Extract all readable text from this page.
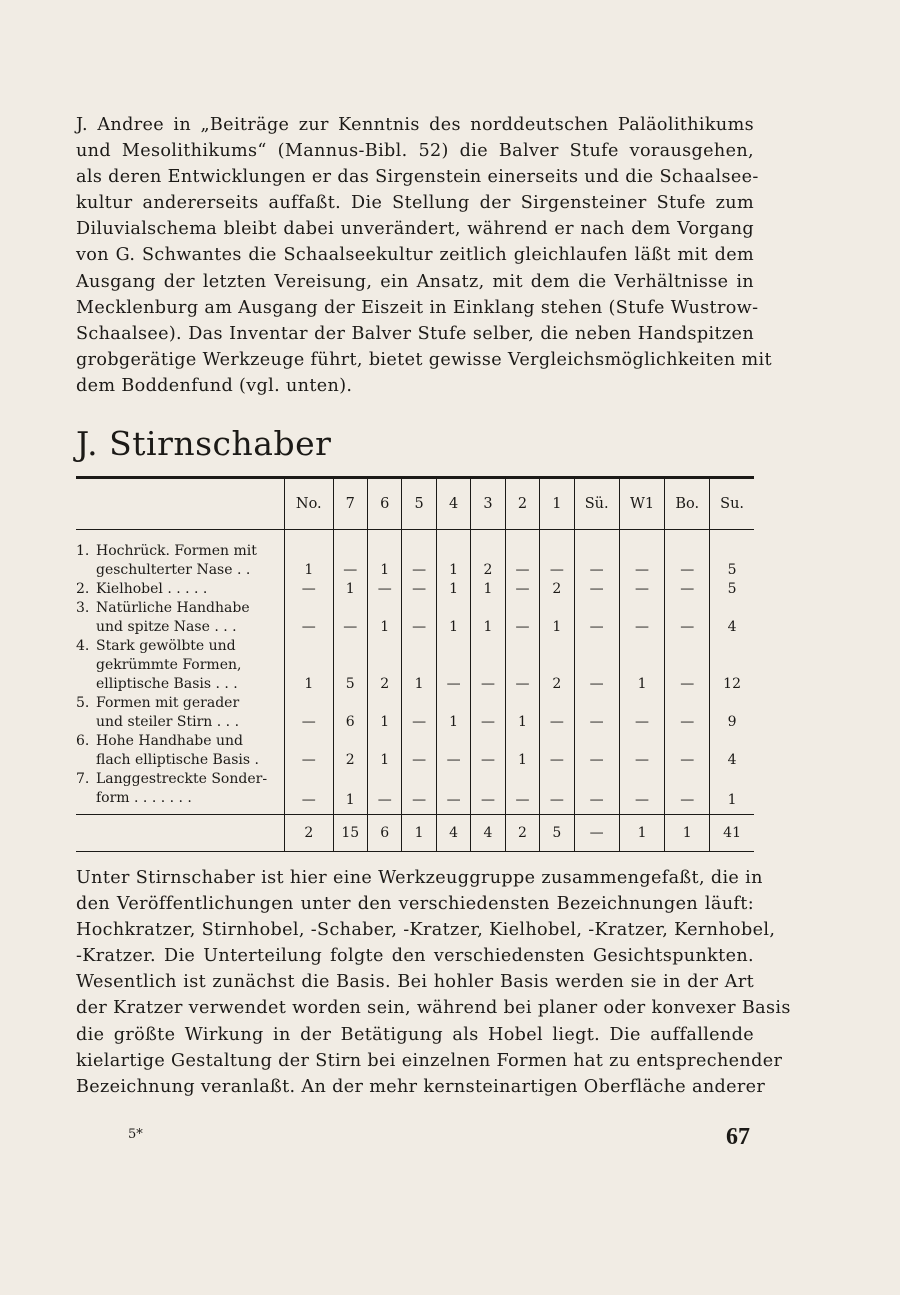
J. Andree in „Beiträge zur Kenntnis des norddeutschen Paläolithikums
und Mesolithikums“ (Mannus-Bibl. 52) die Balver Stufe vorausgehen,
als deren Entwicklungen er das Sirgenstein einerseits und die Schaalsee-
kultur andererseits auffaßt. Die Stellung der Sirgensteiner Stufe zum
Diluvialschema bleibt dabei unverändert, während er nach dem Vorgang
von G. Schwantes die Schaalseekultur zeitlich gleichlaufen läßt mit dem
Ausgang der letzten Vereisung, ein Ansatz, mit dem die Verhältnisse in
Mecklenburg am Ausgang der Eiszeit in Einklang stehen (Stufe Wustrow-
Schaalsee). Das Inventar der Balver Stufe selber, die neben Handspitzen
grobgerätige Werkzeuge führt, bietet gewisse Vergleichsmöglichkeiten mit
dem Boddenfund (vgl. unten).
J. Stirnschaber
	No.	7	6	5	4	3	2	1	Sü.	W1	Bo.	Su.

1. Hochrück. Formen mit
geschulterter Nase . .	1	—	1	—	1	2	—	—	—	—	—	5

2. Kielhobel . . . . .	—	1	—	—	1	1	—	2	—	—	—	5

3. Natürliche Handhabe
und spitze Nase . . .	—	—	1	—	1	1	—	1	—	—	—	4

4. Stark gewölbte und
gekrümmte Formen,
elliptische Basis . . .	1	5	2	1	—	—	—	2	—	1	—	12

5. Formen mit gerader
und steiler Stirn . . .	—	6	1	—	1	—	1	—	—	—	—	9

6. Hohe Handhabe und
flach elliptische Basis .	—	2	1	—	—	—	1	—	—	—	—	4

7. Langgestreckte Sonder-
form . . . . . . .	—	1	—	—	—	—	—	—	—	—	—	1
	2	15	6	1	4	4	2	5	—	1	1	41
Unter Stirnschaber ist hier eine Werkzeuggruppe zusammengefaßt, die in
den Veröffentlichungen unter den verschiedensten Bezeichnungen läuft:
Hochkratzer, Stirnhobel, -Schaber, -Kratzer, Kielhobel, -Kratzer, Kernhobel,
-Kratzer. Die Unterteilung folgte den verschiedensten Gesichtspunkten.
Wesentlich ist zunächst die Basis. Bei hohler Basis werden sie in der Art
der Kratzer verwendet worden sein, während bei planer oder konvexer Basis
die größte Wirkung in der Betätigung als Hobel liegt. Die auffallende
kielartige Gestaltung der Stirn bei einzelnen Formen hat zu entsprechender
Bezeichnung veranlaßt. An der mehr kernsteinartigen Oberfläche anderer
5*	67
